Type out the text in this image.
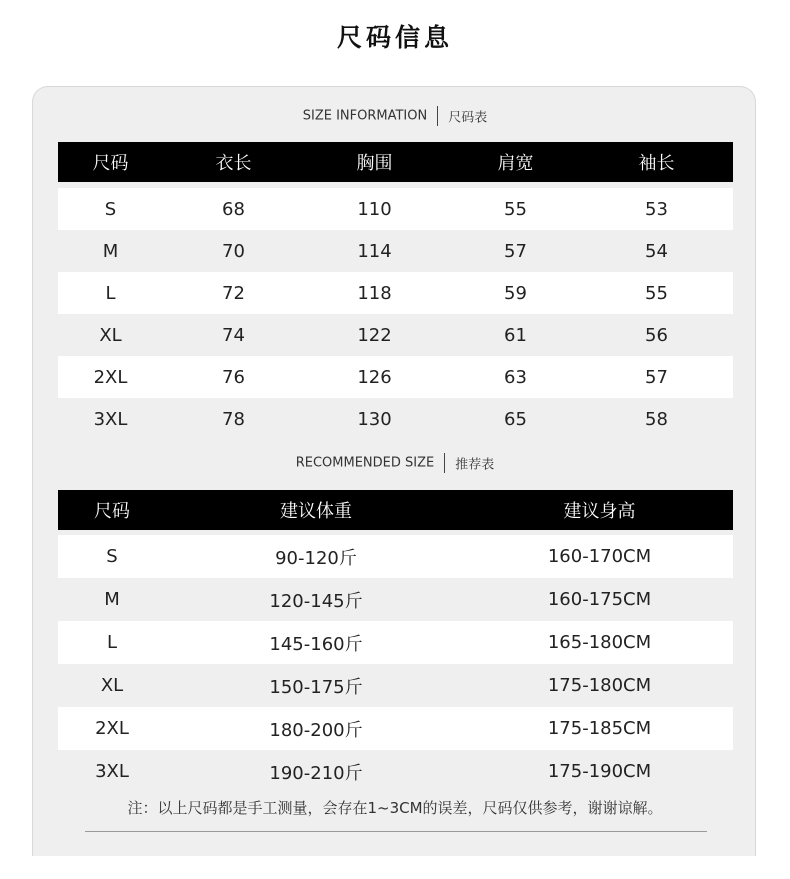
尺码信息
SIZE INFORMATION 尺码表
尺码	衣长	胸围	肩宽	袖长
S	68	110	55	53
M	70	114	57	54
L	72	118	59	55
XL	74	122	61	56
2XL	76	126	63	57
3XL	78	130	65	58
RECOMMENDED SIZE 推荐表
尺码	建议体重	建议身高
S	90-120斤	160-170CM
M	120-145斤	160-175CM
L	145-160斤	165-180CM
XL	150-175斤	175-180CM
2XL	180-200斤	175-185CM
3XL	190-210斤	175-190CM
注：以上尺码都是手工测量，会存在1~3CM的误差，尺码仅供参考，谢谢谅解。
